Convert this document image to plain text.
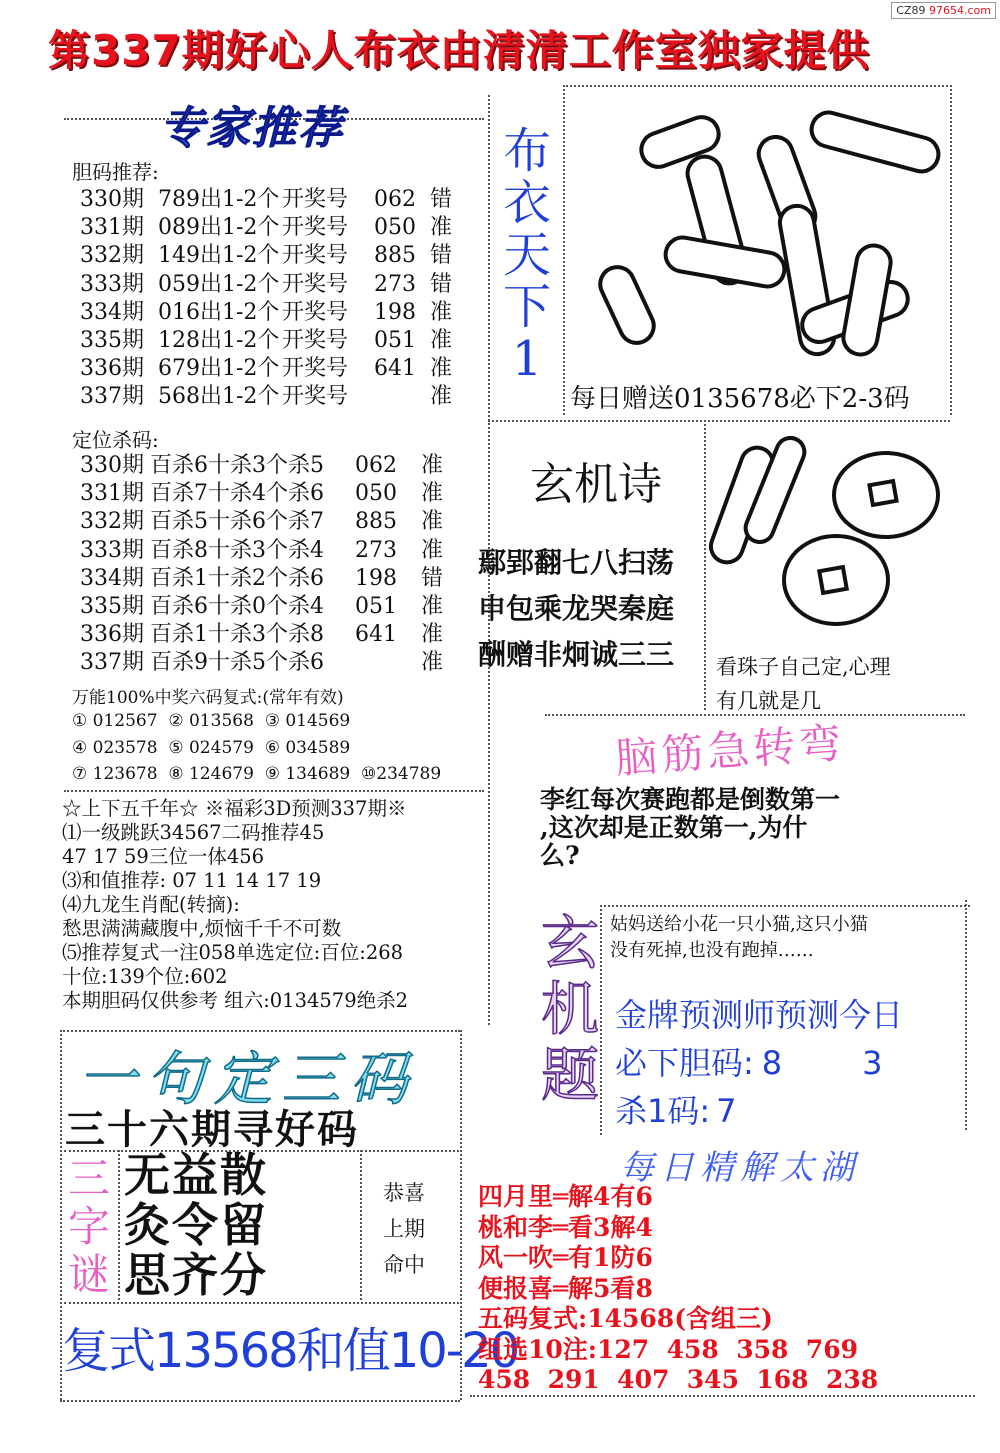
第337期好心人布衣由清清工作室独家提供
CZ89 97654.com
专家推荐
胆码推荐:
330期 789出1-2个 开奖号	062 错
331期 089出1-2个 开奖号	050 准
332期 149出1-2个 开奖号	885 错
333期 059出1-2个 开奖号	273 错
334期 016出1-2个 开奖号	198 准
335期 128出1-2个 开奖号	051 准
336期 679出1-2个 开奖号	641 准
337期 568出1-2个 开奖号	准
定位杀码:
330期 百杀6十杀3个杀5	062	准
331期 百杀7十杀4个杀6	050	准
332期 百杀5十杀6个杀7	885	准
333期 百杀8十杀3个杀4	273	准
334期 百杀1十杀2个杀6	198	错
335期 百杀6十杀0个杀4	051	准
336期 百杀1十杀3个杀8	641	准
337期 百杀9十杀5个杀6	准
万能100%中奖六码复式:(常年有效)
① 012567  ② 013568  ③ 014569
④ 023578  ⑤ 024579  ⑥ 034589
⑦ 123678  ⑧ 124679  ⑨ 134689  ⑩234789
☆上下五千年☆ ※福彩3D预测337期※
⑴一级跳跃34567二码推荐45
47 17 59三位一体456
⑶和值推荐: 07 11 14 17 19
⑷九龙生肖配(转摘):
愁思满满藏腹中,烦恼千千不可数
⑸推荐复式一注058单选定位:百位:268
十位:139个位:602
本期胆码仅供参考 组六:0134579绝杀2
一句定三码
三十六期寻好码
三字谜
无益散
灸令留
思齐分
恭喜
上期
命中
复式13568和值10-20
布衣天下1
每日赠送0135678必下2-3码
玄机诗
鄢郢翻七八扫荡
申包乘龙哭秦庭
酬赠非炯诚三三 看珠子自己定,心理
有几就是几
脑筋急转弯
李红每次赛跑都是倒数第一
,这次却是正数第一,为什
么?
玄机题
姑妈送给小花一只小猫,这只小猫
没有死掉,也没有跑掉……
金牌预测师预测今日
必下胆码: 8	3
杀1码: 7
每日精解太湖
四月里═解4有6
桃和李═看3解4
风一吹═有1防6
便报喜═解5看8
五码复式:14568(含组三)
组选10注:127  458  358  769
458  291  407  345  168  238
